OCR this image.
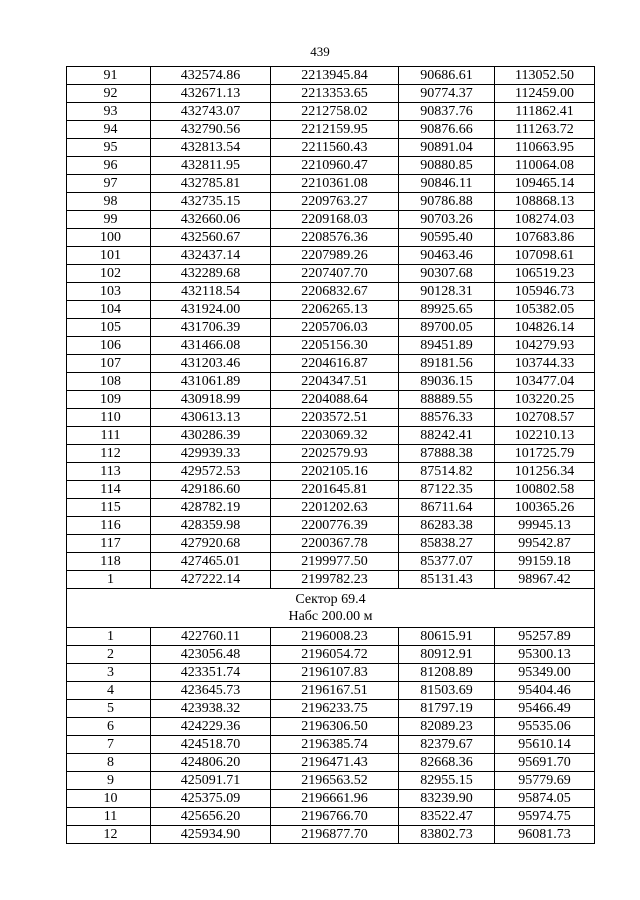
439
91	432574.86	2213945.84	90686.61	113052.50
92	432671.13	2213353.65	90774.37	112459.00
93	432743.07	2212758.02	90837.76	111862.41
94	432790.56	2212159.95	90876.66	111263.72
95	432813.54	2211560.43	90891.04	110663.95
96	432811.95	2210960.47	90880.85	110064.08
97	432785.81	2210361.08	90846.11	109465.14
98	432735.15	2209763.27	90786.88	108868.13
99	432660.06	2209168.03	90703.26	108274.03
100	432560.67	2208576.36	90595.40	107683.86
101	432437.14	2207989.26	90463.46	107098.61
102	432289.68	2207407.70	90307.68	106519.23
103	432118.54	2206832.67	90128.31	105946.73
104	431924.00	2206265.13	89925.65	105382.05
105	431706.39	2205706.03	89700.05	104826.14
106	431466.08	2205156.30	89451.89	104279.93
107	431203.46	2204616.87	89181.56	103744.33
108	431061.89	2204347.51	89036.15	103477.04
109	430918.99	2204088.64	88889.55	103220.25
110	430613.13	2203572.51	88576.33	102708.57
111	430286.39	2203069.32	88242.41	102210.13
112	429939.33	2202579.93	87888.38	101725.79
113	429572.53	2202105.16	87514.82	101256.34
114	429186.60	2201645.81	87122.35	100802.58
115	428782.19	2201202.63	86711.64	100365.26
116	428359.98	2200776.39	86283.38	99945.13
117	427920.68	2200367.78	85838.27	99542.87
118	427465.01	2199977.50	85377.07	99159.18
1	427222.14	2199782.23	85131.43	98967.42

Сектор 69.4
Набс 200.00 м				

1	422760.11	2196008.23	80615.91	95257.89
2	423056.48	2196054.72	80912.91	95300.13
3	423351.74	2196107.83	81208.89	95349.00
4	423645.73	2196167.51	81503.69	95404.46
5	423938.32	2196233.75	81797.19	95466.49
6	424229.36	2196306.50	82089.23	95535.06
7	424518.70	2196385.74	82379.67	95610.14
8	424806.20	2196471.43	82668.36	95691.70
9	425091.71	2196563.52	82955.15	95779.69
10	425375.09	2196661.96	83239.90	95874.05
11	425656.20	2196766.70	83522.47	95974.75
12	425934.90	2196877.70	83802.73	96081.73
